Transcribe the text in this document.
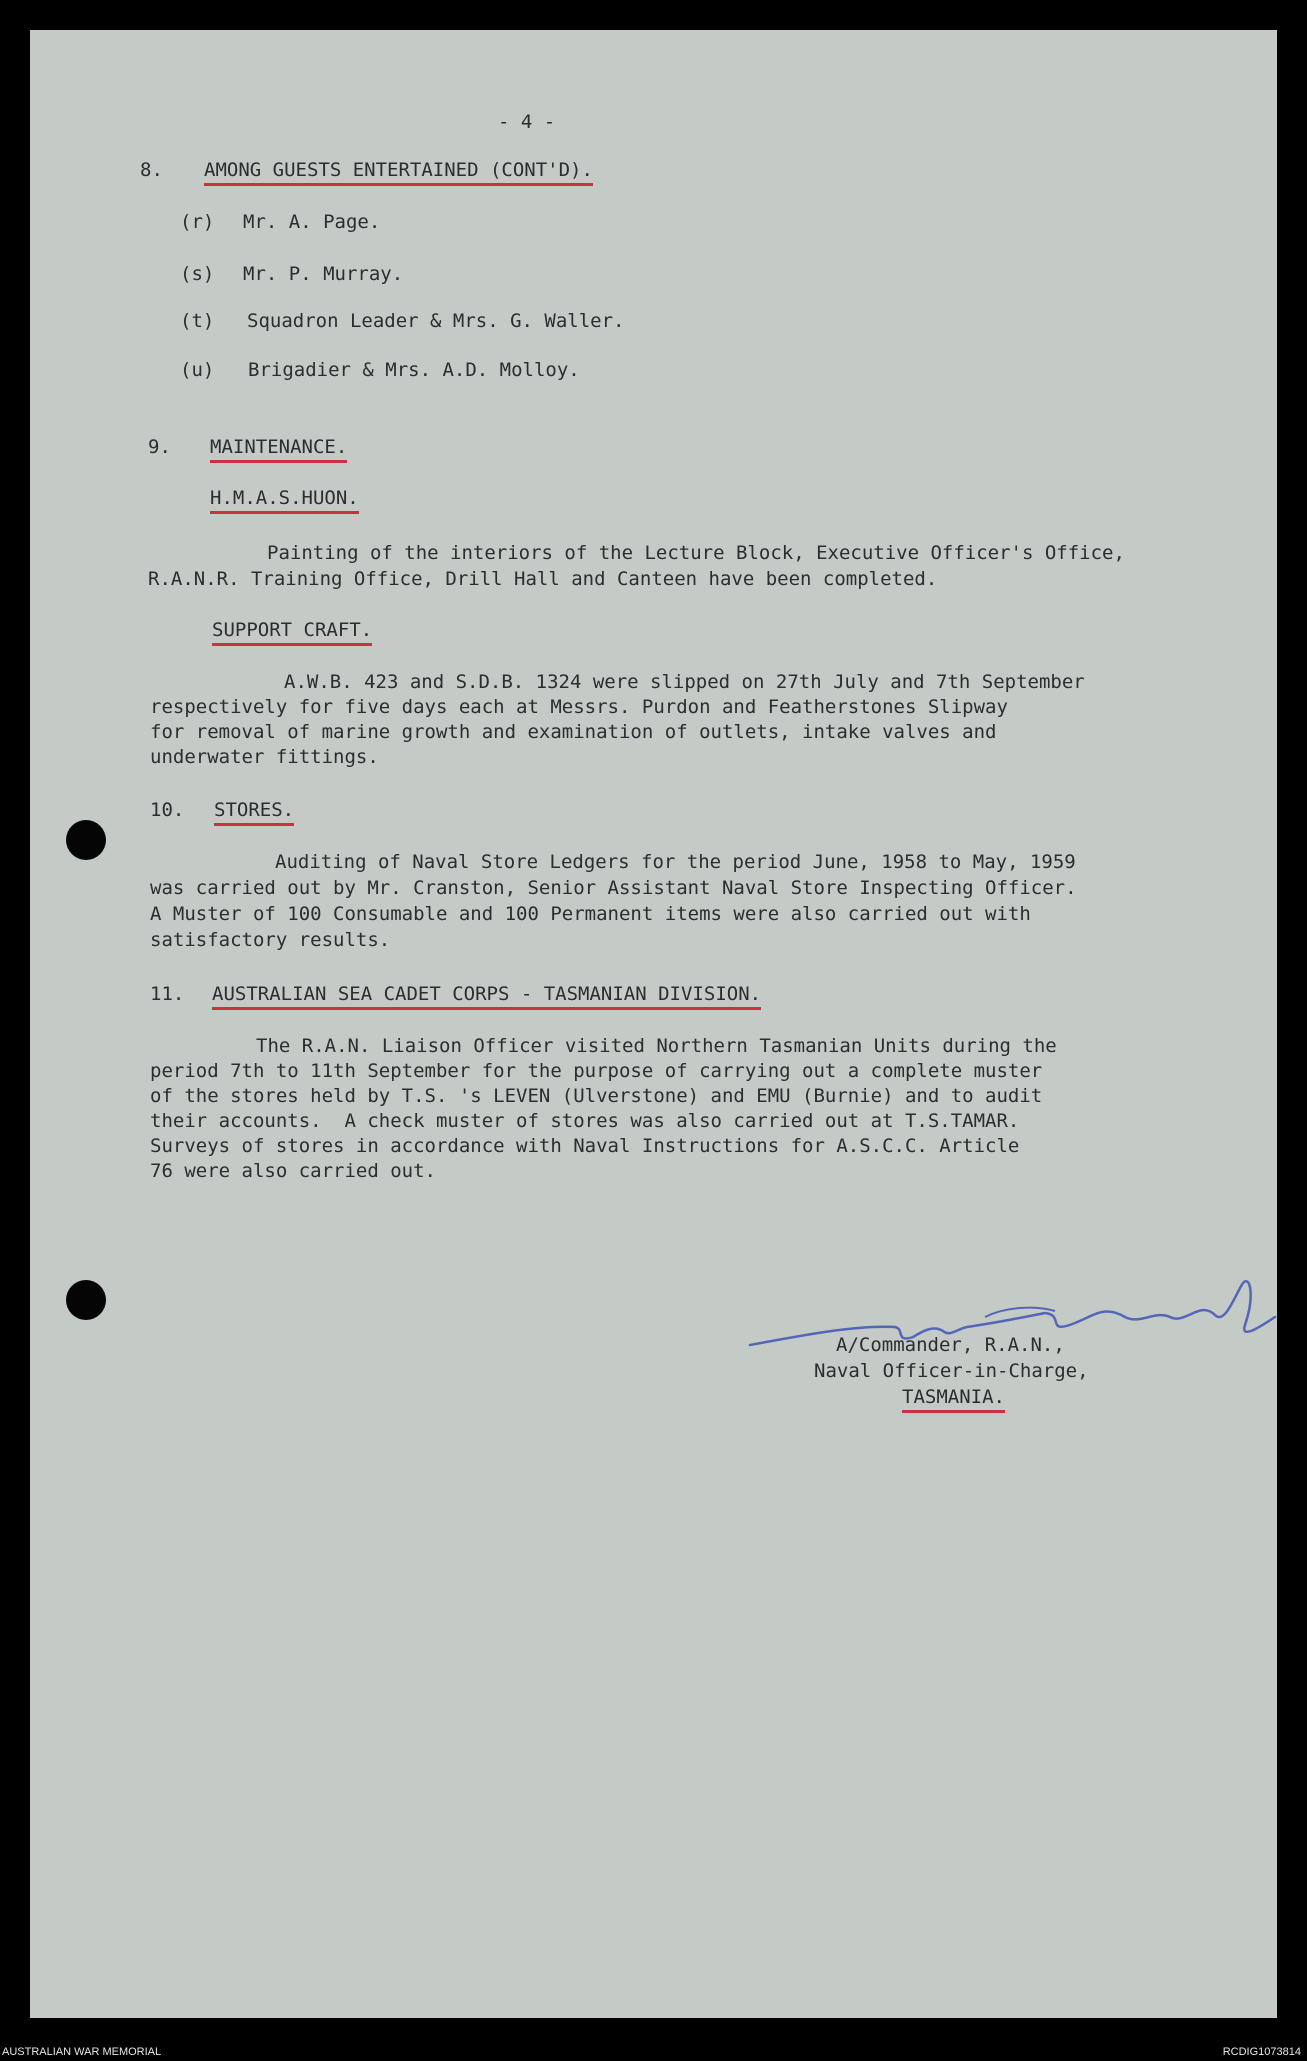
- 4 -
8. AMONG GUESTS ENTERTAINED (CONT'D).
(r) Mr. A. Page.
(s) Mr. P. Murray.
(t) Squadron Leader & Mrs. G. Waller.
(u) Brigadier & Mrs. A.D. Molloy.
9. MAINTENANCE.
H.M.A.S.HUON.
Painting of the interiors of the Lecture Block, Executive Officer's Office,
R.A.N.R. Training Office, Drill Hall and Canteen have been completed.
SUPPORT CRAFT.
A.W.B. 423 and S.D.B. 1324 were slipped on 27th July and 7th September
respectively for five days each at Messrs. Purdon and Featherstones Slipway
for removal of marine growth and examination of outlets, intake valves and
underwater fittings.
10. STORES.
Auditing of Naval Store Ledgers for the period June, 1958 to May, 1959
was carried out by Mr. Cranston, Senior Assistant Naval Store Inspecting Officer.
A Muster of 100 Consumable and 100 Permanent items were also carried out with
satisfactory results.
11. AUSTRALIAN SEA CADET CORPS - TASMANIAN DIVISION.
The R.A.N. Liaison Officer visited Northern Tasmanian Units during the
period 7th to 11th September for the purpose of carrying out a complete muster
of the stores held by T.S. 's LEVEN (Ulverstone) and EMU (Burnie) and to audit
their accounts.  A check muster of stores was also carried out at T.S.TAMAR.
Surveys of stores in accordance with Naval Instructions for A.S.C.C. Article
76 were also carried out.
A/Commander, R.A.N.,
Naval Officer-in-Charge,
TASMANIA.
AUSTRALIAN WAR MEMORIAL	RCDIG1073814
